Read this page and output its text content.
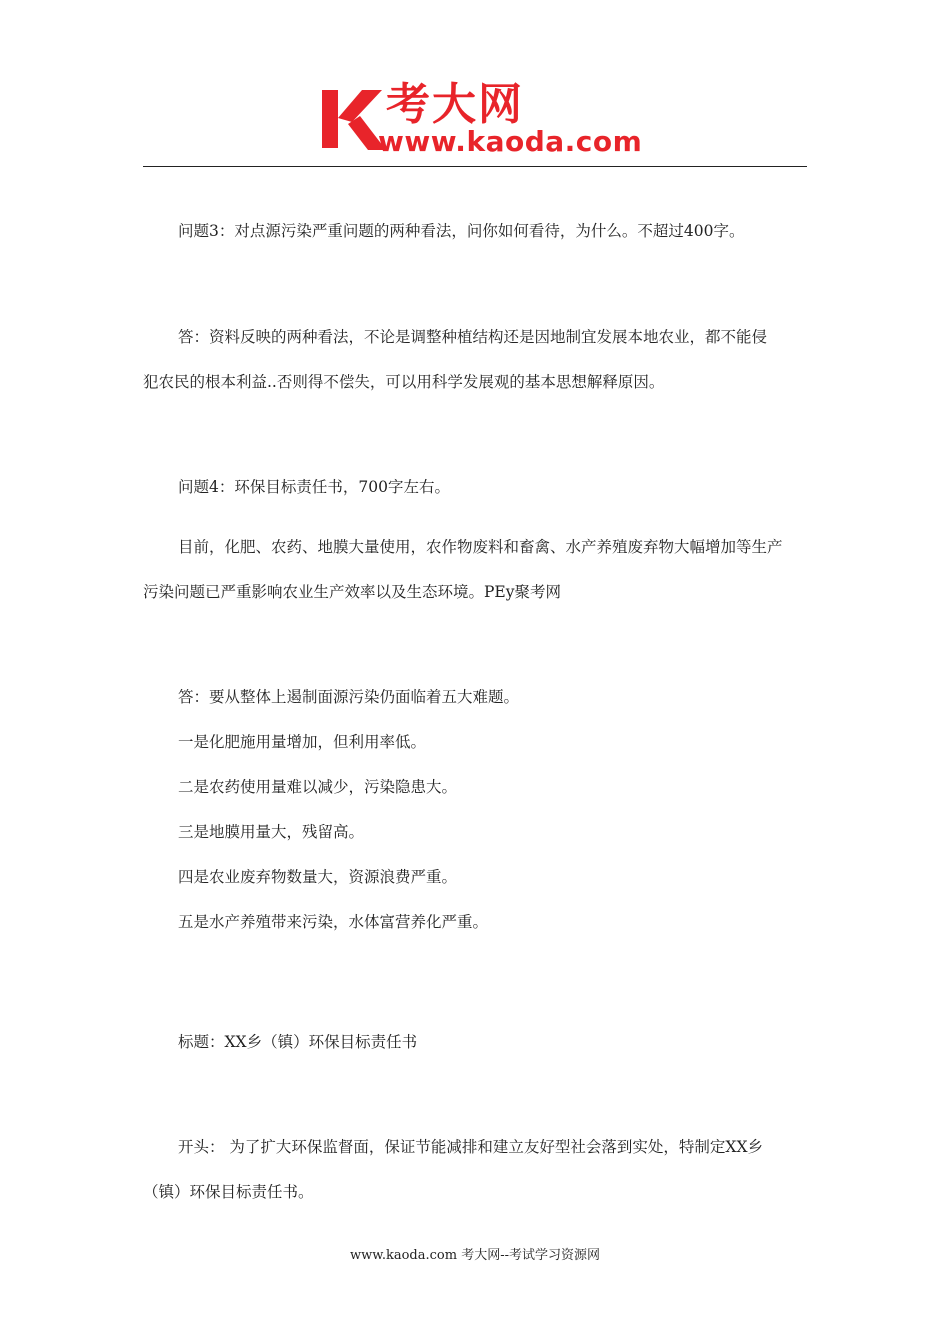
考大网
www.kaoda.com
问题3：对点源污染严重问题的两种看法，问你如何看待，为什么。不超过400字。
答：资料反映的两种看法，不论是调整种植结构还是因地制宜发展本地农业，都不能侵
犯农民的根本利益..否则得不偿失，可以用科学发展观的基本思想解释原因。
问题4：环保目标责任书，700字左右。
目前，化肥、农药、地膜大量使用，农作物废料和畜禽、水产养殖废弃物大幅增加等生产
污染问题已严重影响农业生产效率以及生态环境。PEy聚考网
答：要从整体上遏制面源污染仍面临着五大难题。
一是化肥施用量增加，但利用率低。
二是农药使用量难以减少，污染隐患大。
三是地膜用量大，残留高。
四是农业废弃物数量大，资源浪费严重。
五是水产养殖带来污染，水体富营养化严重。
标题：XX乡（镇）环保目标责任书
开头： 为了扩大环保监督面，保证节能减排和建立友好型社会落到实处，特制定XX乡
（镇）环保目标责任书。
www.kaoda.com 考大网--考试学习资源网
